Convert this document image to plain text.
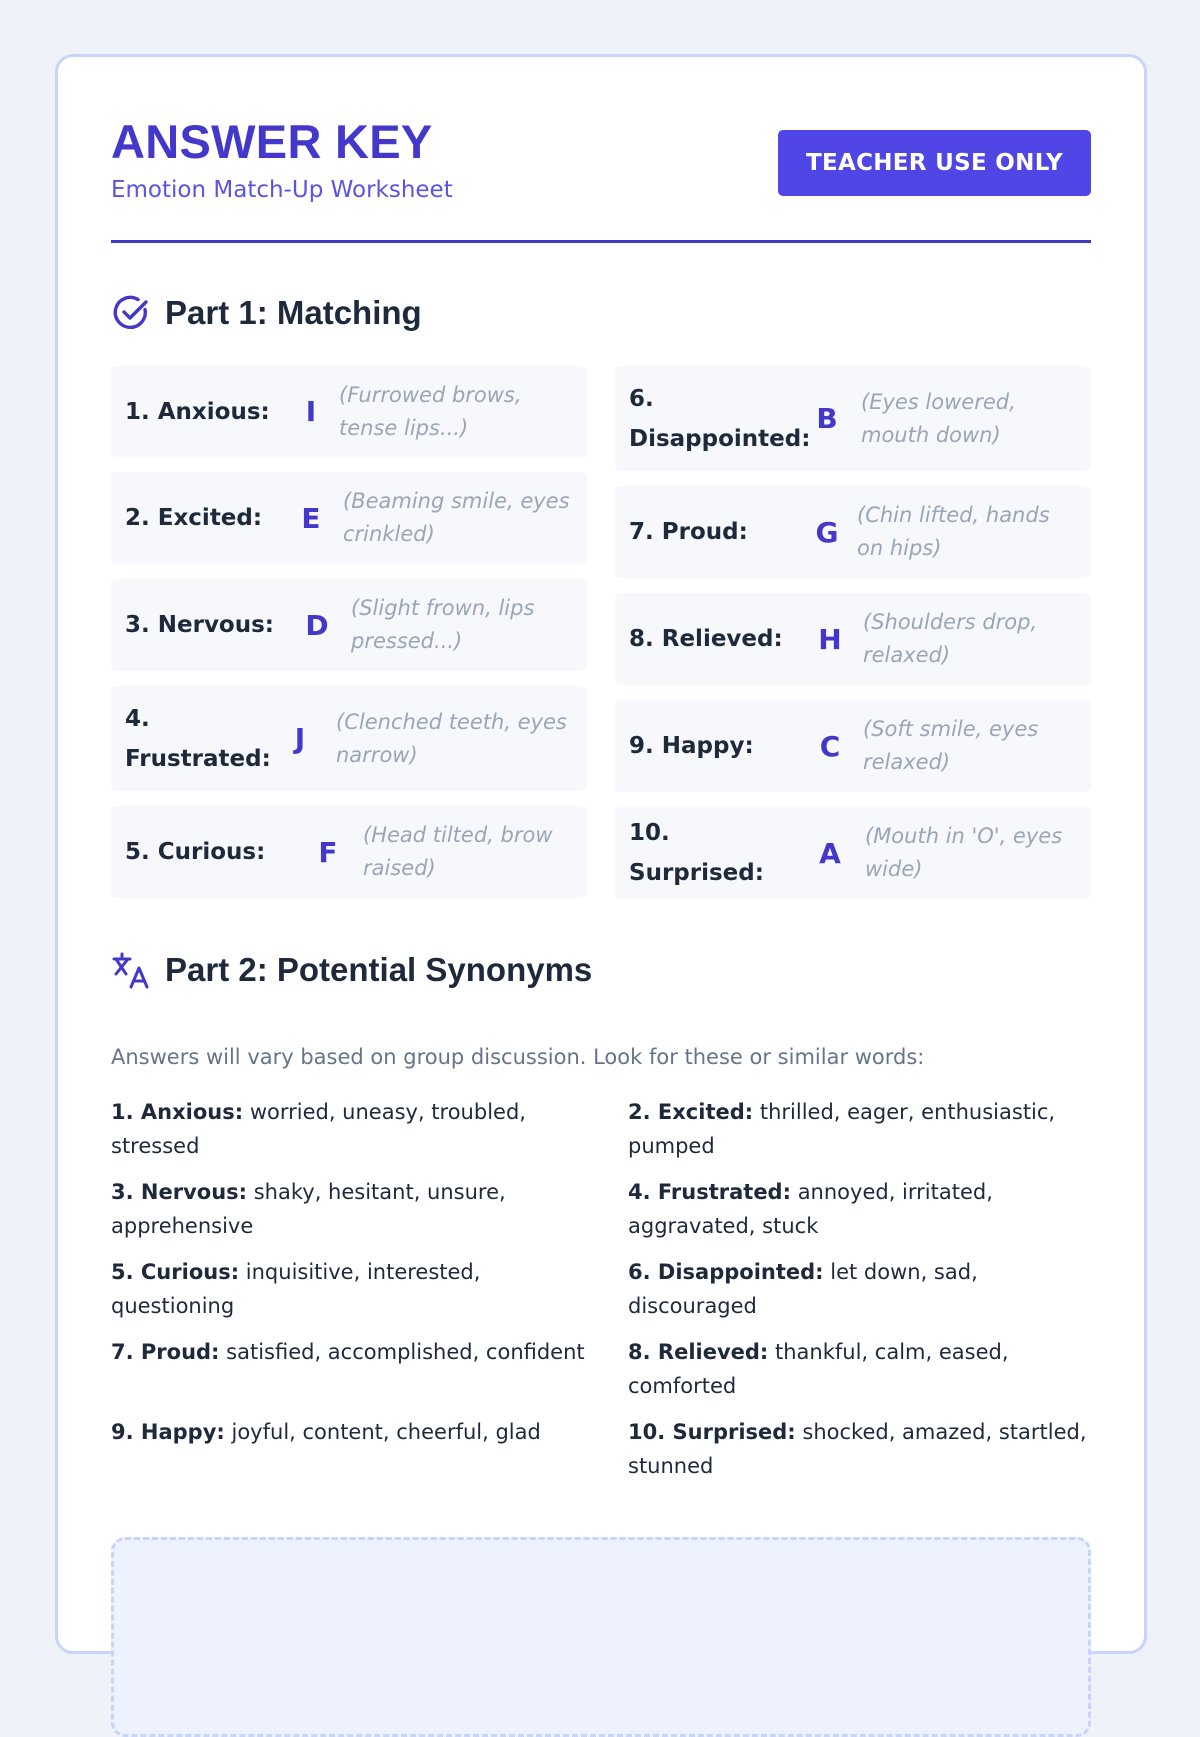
ANSWER KEY
Emotion Match-Up Worksheet
TEACHER USE ONLY
Part 1: Matching
1. Anxious:	I
(Furrowed brows, tense lips...)
2. Excited:	E
(Beaming smile, eyes crinkled)
3. Nervous:	D
(Slight frown, lips pressed...)
4. Frustrated:
J
(Clenched teeth, eyes narrow)
5. Curious:	F
(Head tilted, brow raised)
6. Disappointed:
B
(Eyes lowered, mouth down)
7. Proud:	G
(Chin lifted, hands on hips)
8. Relieved:	H
(Shoulders drop, relaxed)
9. Happy:	C
(Soft smile, eyes relaxed)
10. Surprised:
A
(Mouth in 'O', eyes wide)
Part 2: Potential Synonyms
Answers will vary based on group discussion. Look for these or similar words:
1. Anxious: worried, uneasy, troubled, stressed
2. Excited: thrilled, eager, enthusiastic, pumped
3. Nervous: shaky, hesitant, unsure, apprehensive
4. Frustrated: annoyed, irritated, aggravated, stuck
5. Curious: inquisitive, interested, questioning
6. Disappointed: let down, sad, discouraged
7. Proud: satisfied, accomplished, confident 8. Relieved: thankful, calm, eased, comforted
9. Happy: joyful, content, cheerful, glad	10. Surprised: shocked, amazed, startled, stunned
